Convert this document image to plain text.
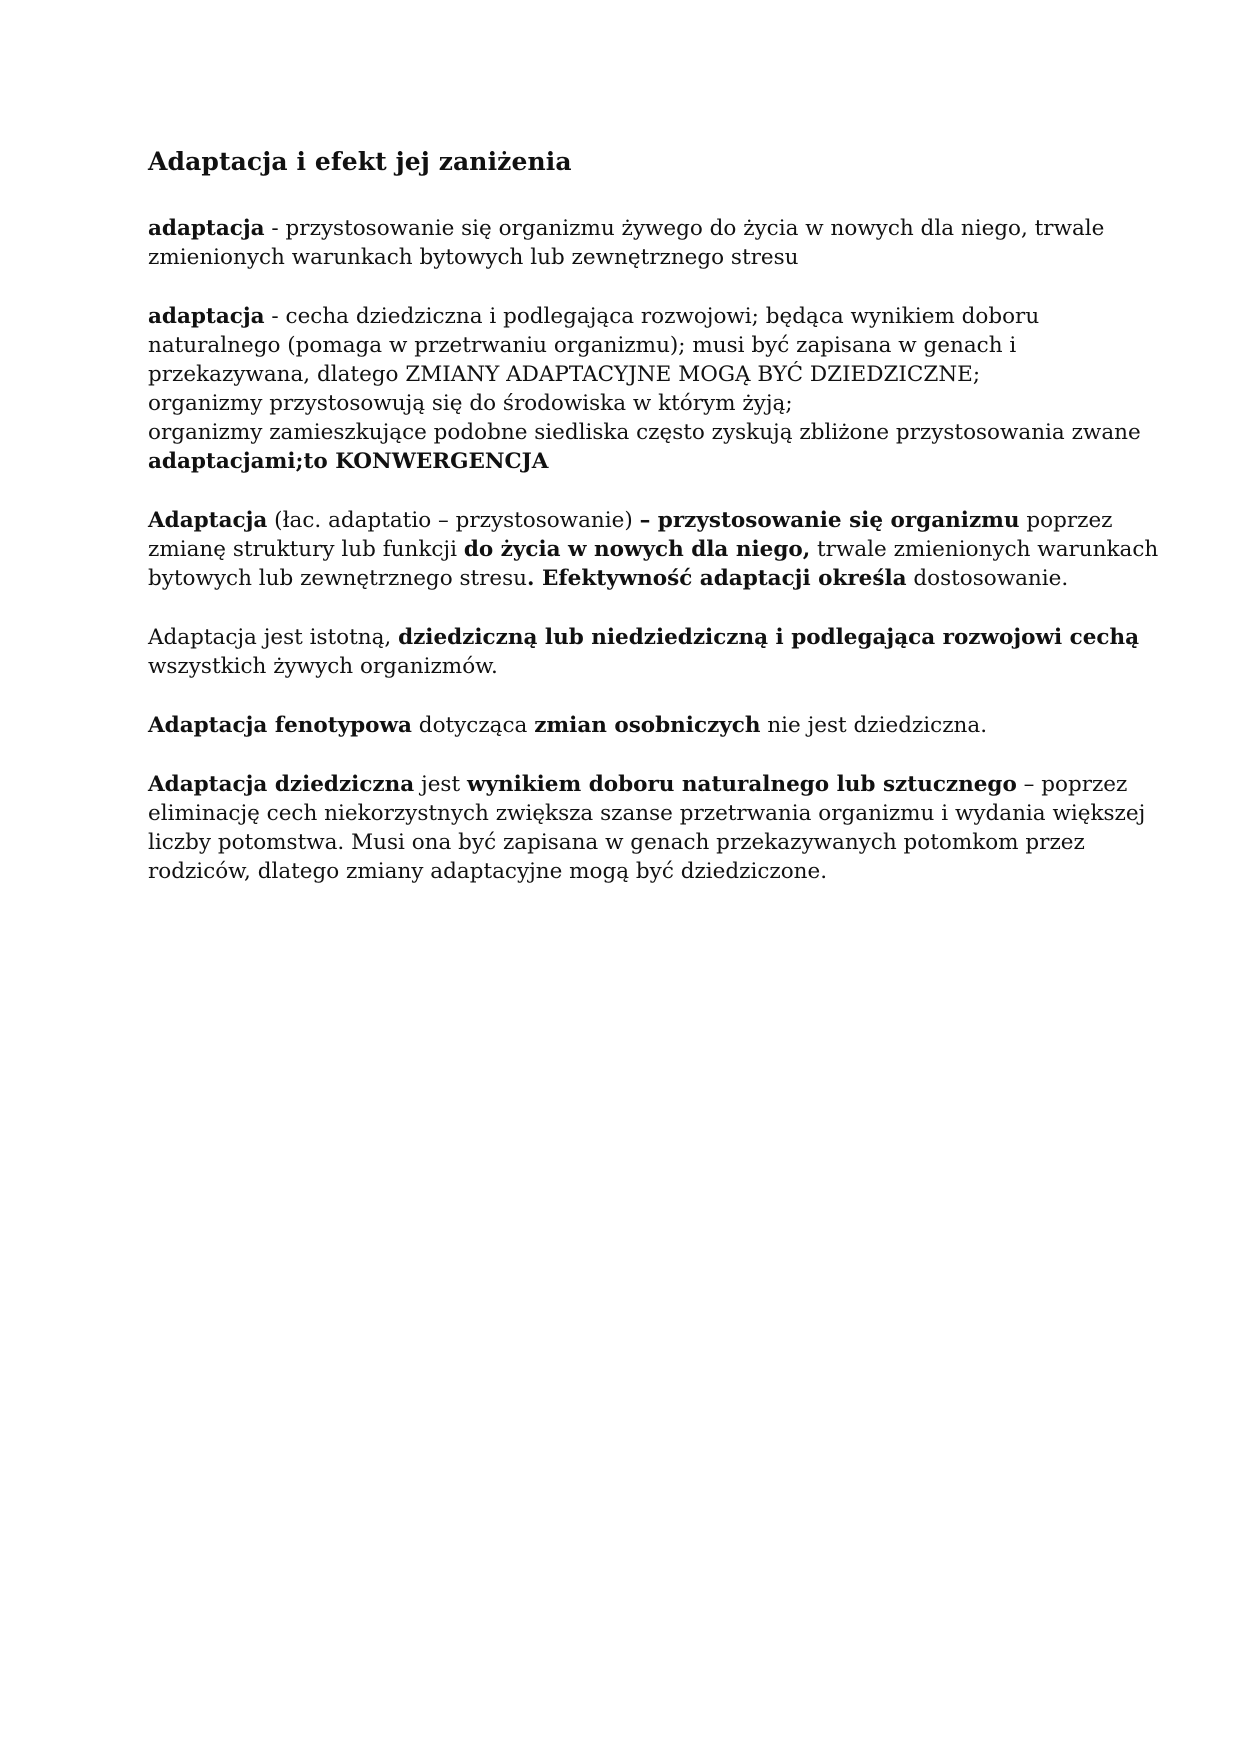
Adaptacja i efekt jej zaniżenia

adaptacja - przystosowanie się organizmu żywego do życia w nowych dla niego, trwale
zmienionych warunkach bytowych lub zewnętrznego stresu

adaptacja - cecha dziedziczna i podlegająca rozwojowi; będąca wynikiem doboru
naturalnego (pomaga w przetrwaniu organizmu); musi być zapisana w genach i
przekazywana, dlatego ZMIANY ADAPTACYJNE MOGĄ BYĆ DZIEDZICZNE;
organizmy przystosowują się do środowiska w którym żyją;
organizmy zamieszkujące podobne siedliska często zyskują zbliżone przystosowania zwane
adaptacjami;to KONWERGENCJA

Adaptacja (łac. adaptatio – przystosowanie) – przystosowanie się organizmu poprzez
zmianę struktury lub funkcji do życia w nowych dla niego, trwale zmienionych warunkach
bytowych lub zewnętrznego stresu. Efektywność adaptacji określa dostosowanie.

Adaptacja jest istotną, dziedziczną lub niedziedziczną i podlegająca rozwojowi cechą
wszystkich żywych organizmów.

Adaptacja fenotypowa dotycząca zmian osobniczych nie jest dziedziczna.

Adaptacja dziedziczna jest wynikiem doboru naturalnego lub sztucznego – poprzez
eliminację cech niekorzystnych zwiększa szanse przetrwania organizmu i wydania większej
liczby potomstwa. Musi ona być zapisana w genach przekazywanych potomkom przez
rodziców, dlatego zmiany adaptacyjne mogą być dziedziczone.
